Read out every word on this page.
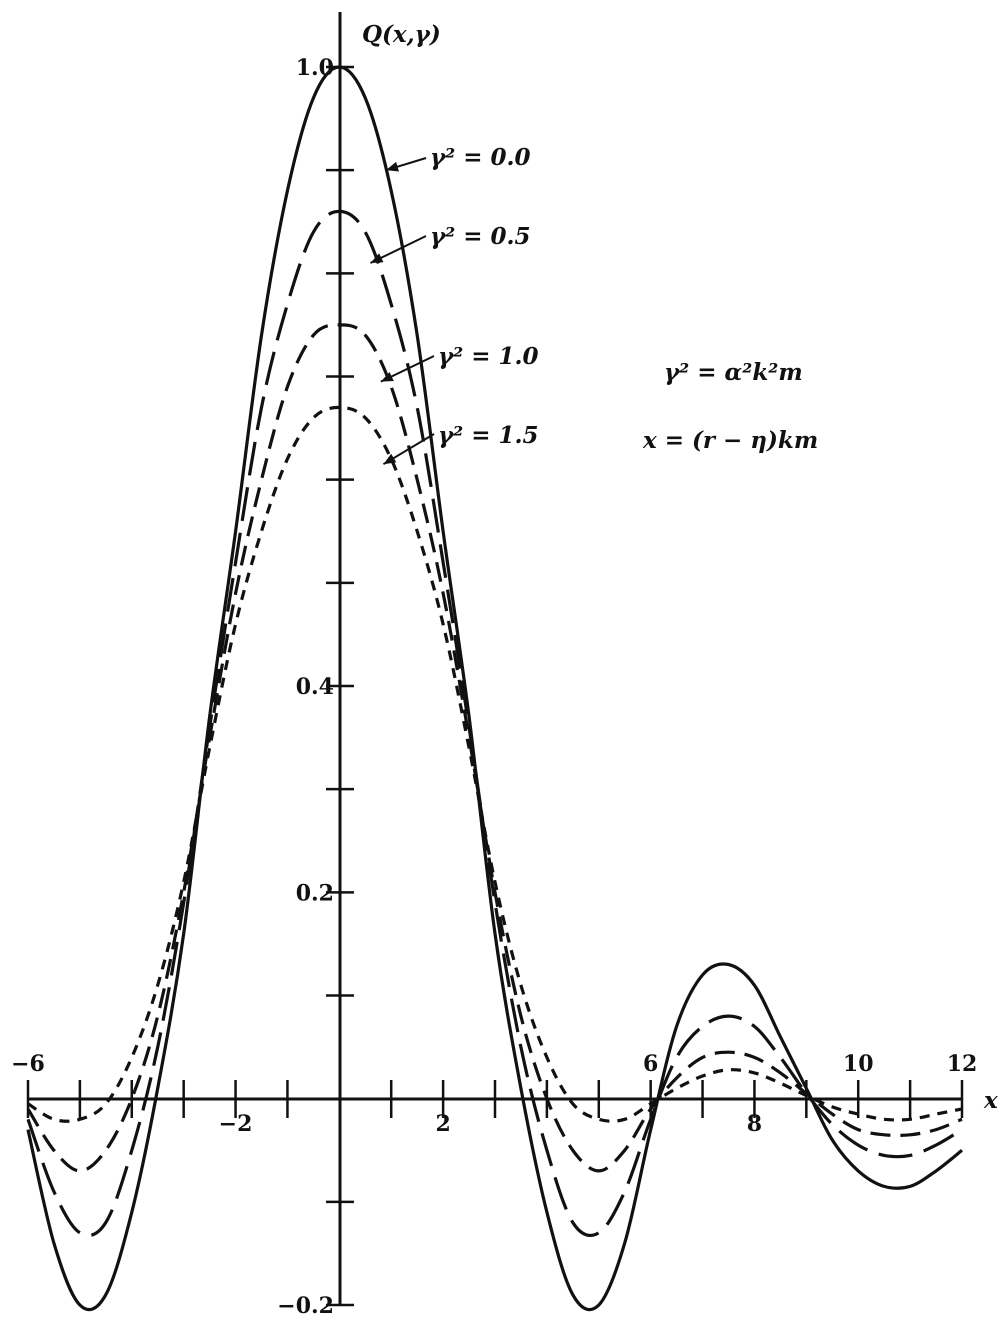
−6
−2	2
6
8
10	12
1.0
0.4
0.2
−0.2
Q(x,γ)
x
γ² = 0.0
γ² = 0.5
γ² = 1.0
γ² = 1.5
γ² = α²k²m
x = (r − η)km
